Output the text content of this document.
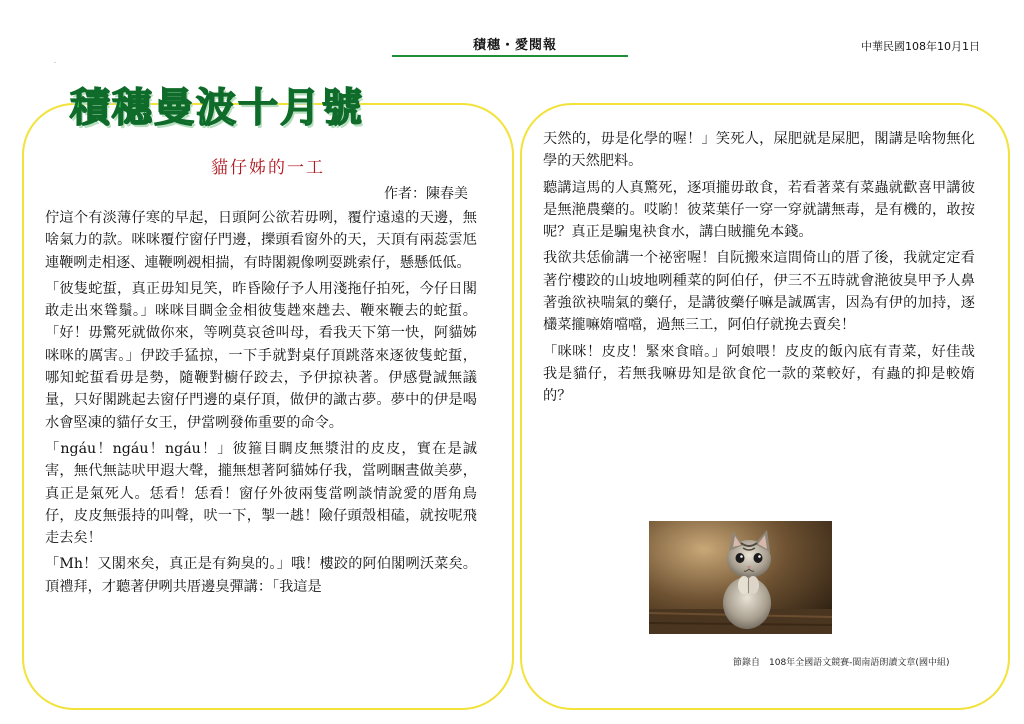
積穗・愛閱報	中華民國108年10月1日
·
積穗曼波十月號
貓仔姊的一工
作者：陳春美

佇這个有淡薄仔寒的早起，日頭阿公欲若毋咧，覆佇遠遠的天邊，無啥氣力的款。咪咪覆佇窗仔門邊，擽頭看窗外的天，天頂有兩蕊雲尪連鞭咧走相逐、連鞭咧覕相揣，有時閣親像咧耍跳索仔，懸懸低低。

「彼隻蛇蜇，真正毋知見笑，昨昏險仔予人用淺拖仔拍死，今仔日閣敢走出來聳鬚。」咪咪目睭金金相彼隻趖來趖去、鞭來鞭去的蛇蜇。「好！毋驚死就做你來，等咧莫哀爸叫母，看我天下第一快，阿貓姊咪咪的厲害。」伊跤手猛掠，一下手就對桌仔頂跳落來逐彼隻蛇蜇，哪知蛇蜇看毋是勢，隨鞭對櫥仔跤去，予伊掠袂著。伊感覺誠無議量，只好閣跳起去窗仔門邊的桌仔頂，做伊的譀古夢。夢中的伊是喝水會堅凍的貓仔女王，伊當咧發佈重要的命令。

「ngáu！ngáu！ngáu！」彼箍目睭皮無漿泔的皮皮，實在是誠害，無代無誌吠甲遐大聲，攏無想著阿貓姊仔我，當咧睏晝做美夢，真正是氣死人。恁看！恁看！窗仔外彼兩隻當咧談情說愛的厝角鳥仔，皮皮無張持的叫聲，吠一下，掣一趒！險仔頭殼相磕，就按呢飛走去矣！

「Mh！又閣來矣，真正是有夠臭的。」哦！樓跤的阿伯閣咧沃菜矣。頂禮拜，才聽著伊咧共厝邊臭彈講：「我這是

天然的，毋是化學的喔！」笑死人，屎肥就是屎肥，閣講是啥物無化學的天然肥料。

聽講這馬的人真驚死，逐項攏毋敢食，若看著菜有菜蟲就歡喜甲講彼是無滟農藥的。哎喲！彼菜葉仔一穿一穿就講無毒，是有機的，敢按呢？真正是騙鬼袂食水，講白賊攏免本錢。

我欲共恁偷講一个祕密喔！自阮搬來這間倚山的厝了後，我就定定看著佇樓跤的山坡地咧種菜的阿伯仔，伊三不五時就會滟彼臭甲予人鼻著強欲袂喘氣的藥仔，是講彼藥仔嘛是誠厲害，因為有伊的加持，逐欉菜攏嘛媠噹噹，過無三工，阿伯仔就挽去賣矣！

「咪咪！皮皮！緊來食暗。」阿娘喂！皮皮的飯內底有青菜，好佳哉我是貓仔，若無我嘛毋知是欲食佗一款的菜較好，有蟲的抑是較媠的？

節錄自　108年全國語文競賽-閩南語朗讀文章(國中組)
